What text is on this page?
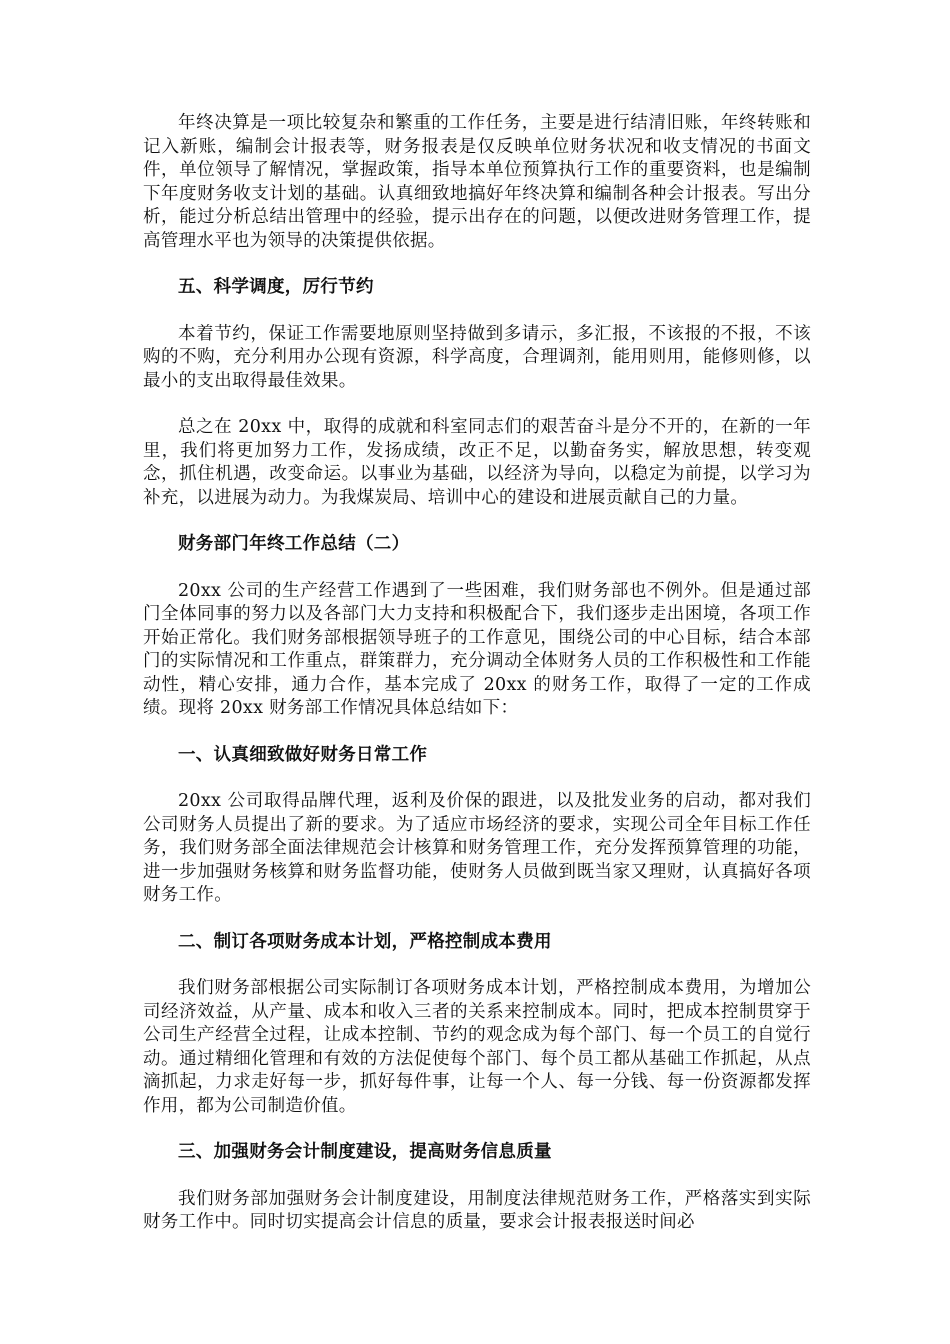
年终决算是一项比较复杂和繁重的工作任务，主要是进行结清旧账，年终转账和记入新账，编制会计报表等，财务报表是仅反映单位财务状况和收支情况的书面文件，单位领导了解情况，掌握政策，指导本单位预算执行工作的重要资料，也是编制下年度财务收支计划的基础。认真细致地搞好年终决算和编制各种会计报表。写出分析，能过分析总结出管理中的经验，提示出存在的问题，以便改进财务管理工作，提高管理水平也为领导的决策提供依据。

五、科学调度，厉行节约

本着节约，保证工作需要地原则坚持做到多请示，多汇报，不该报的不报，不该购的不购，充分利用办公现有资源，科学高度，合理调剂，能用则用，能修则修，以最小的支出取得最佳效果。

总之在 20xx 中，取得的成就和科室同志们的艰苦奋斗是分不开的，在新的一年里，我们将更加努力工作，发扬成绩，改正不足，以勤奋务实，解放思想，转变观念，抓住机遇，改变命运。以事业为基础，以经济为导向，以稳定为前提，以学习为补充，以进展为动力。为我煤炭局、培训中心的建设和进展贡献自己的力量。

财务部门年终工作总结（二）

20xx 公司的生产经营工作遇到了一些困难，我们财务部也不例外。但是通过部门全体同事的努力以及各部门大力支持和积极配合下，我们逐步走出困境，各项工作开始正常化。我们财务部根据领导班子的工作意见，围绕公司的中心目标，结合本部门的实际情况和工作重点，群策群力，充分调动全体财务人员的工作积极性和工作能动性，精心安排，通力合作，基本完成了 20xx 的财务工作，取得了一定的工作成绩。现将 20xx 财务部工作情况具体总结如下：

一、认真细致做好财务日常工作

20xx 公司取得品牌代理，返利及价保的跟进，以及批发业务的启动，都对我们公司财务人员提出了新的要求。为了适应市场经济的要求，实现公司全年目标工作任务，我们财务部全面法律规范会计核算和财务管理工作，充分发挥预算管理的功能，进一步加强财务核算和财务监督功能，使财务人员做到既当家又理财，认真搞好各项财务工作。

二、制订各项财务成本计划，严格控制成本费用

我们财务部根据公司实际制订各项财务成本计划，严格控制成本费用，为增加公司经济效益，从产量、成本和收入三者的关系来控制成本。同时，把成本控制贯穿于公司生产经营全过程，让成本控制、节约的观念成为每个部门、每一个员工的自觉行动。通过精细化管理和有效的方法促使每个部门、每个员工都从基础工作抓起，从点滴抓起，力求走好每一步，抓好每件事，让每一个人、每一分钱、每一份资源都发挥作用，都为公司制造价值。

三、加强财务会计制度建设，提高财务信息质量

我们财务部加强财务会计制度建设，用制度法律规范财务工作，严格落实到实际财务工作中。同时切实提高会计信息的质量，要求会计报表报送时间必
